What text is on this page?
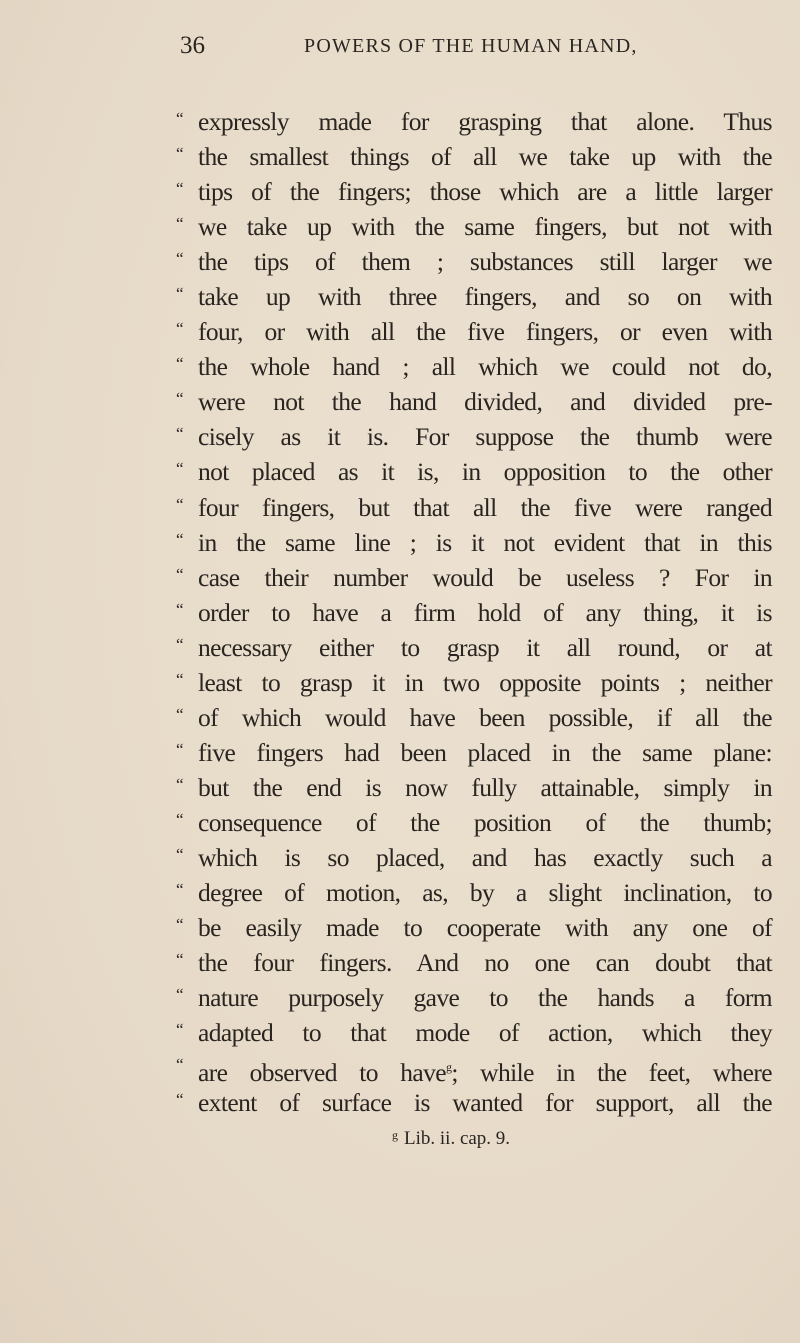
36	POWERS OF THE HUMAN HAND,
“ expressly made for grasping that alone. Thus
“ the smallest things of all we take up with the
“ tips of the fingers; those which are a little larger
“ we take up with the same fingers, but not with
“ the tips of them ; substances still larger we
“ take up with three fingers, and so on with
“ four, or with all the five fingers, or even with
“ the whole hand ; all which we could not do,
“ were not the hand divided, and divided pre-
“ cisely as it is. For suppose the thumb were
“ not placed as it is, in opposition to the other
“ four fingers, but that all the five were ranged
“ in the same line ; is it not evident that in this
“ case their number would be useless ? For in
“ order to have a firm hold of any thing, it is
“ necessary either to grasp it all round, or at
“ least to grasp it in two opposite points ; neither
“ of which would have been possible, if all the
“ five fingers had been placed in the same plane:
“ but the end is now fully attainable, simply in
“ consequence of the position of the thumb;
“ which is so placed, and has exactly such a
“ degree of motion, as, by a slight inclination, to
“ be easily made to cooperate with any one of
“ the four fingers. And no one can doubt that
“ nature purposely gave to the hands a form
“ adapted to that mode of action, which they
“ are observed to have$^g$; while in the feet, where
“ extent of surface is wanted for support, all the
$^g$ Lib. ii. cap. 9.
